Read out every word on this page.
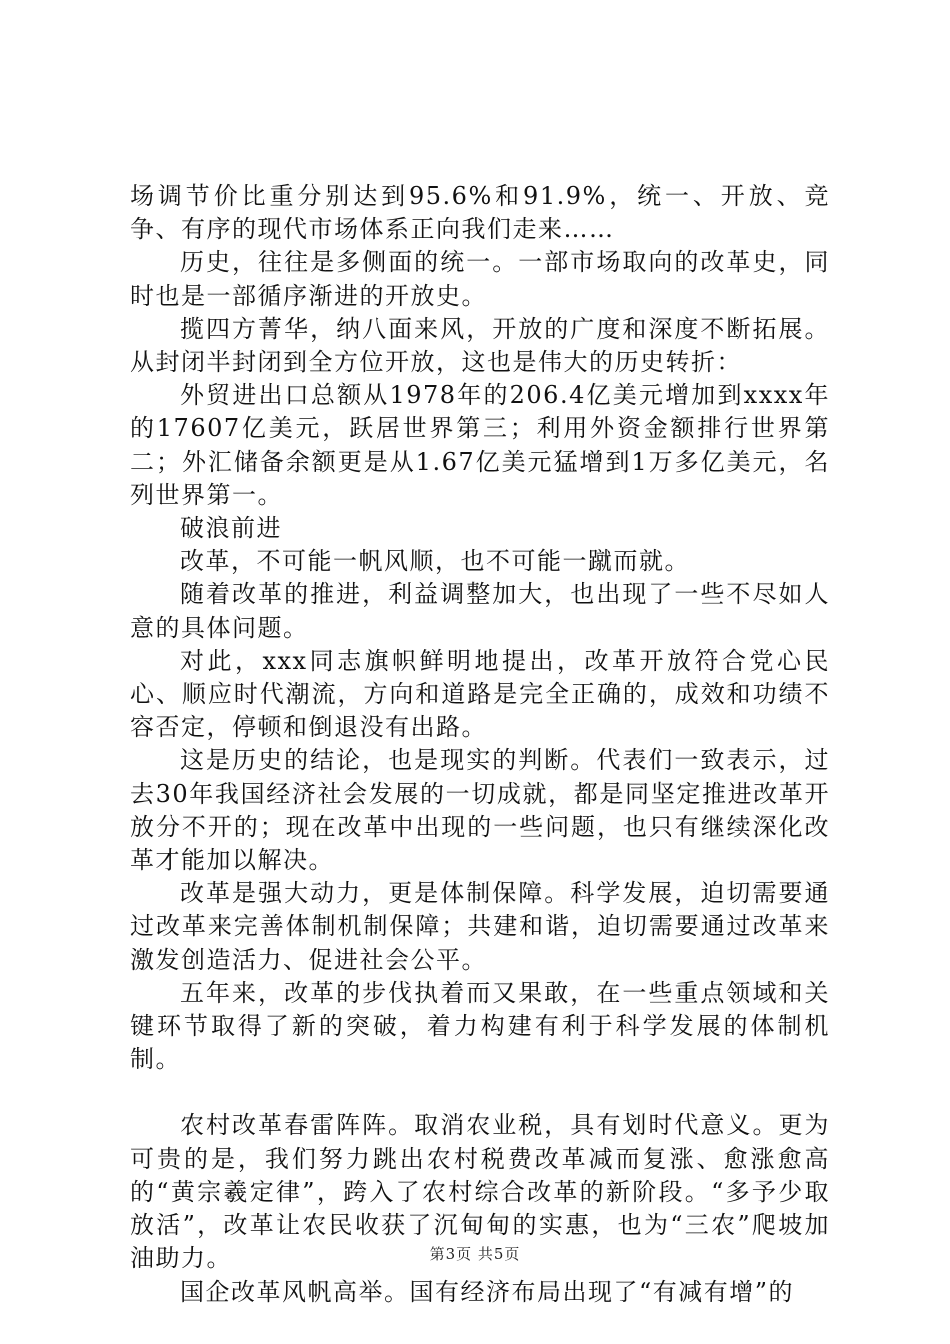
场调节价比重分别达到95.6%和91.9%，统一、开放、竞争、有序的现代市场体系正向我们走来……

历史，往往是多侧面的统一。一部市场取向的改革史，同时也是一部循序渐进的开放史。

揽四方菁华，纳八面来风，开放的广度和深度不断拓展。从封闭半封闭到全方位开放，这也是伟大的历史转折：

外贸进出口总额从1978年的206.4亿美元增加到xxxx年的17607亿美元，跃居世界第三；利用外资金额排行世界第二；外汇储备余额更是从1.67亿美元猛增到1万多亿美元，名列世界第一。

破浪前进

改革，不可能一帆风顺，也不可能一蹴而就。

随着改革的推进，利益调整加大，也出现了一些不尽如人意的具体问题。

对此，xxx同志旗帜鲜明地提出，改革开放符合党心民心、顺应时代潮流，方向和道路是完全正确的，成效和功绩不容否定，停顿和倒退没有出路。

这是历史的结论，也是现实的判断。代表们一致表示，过去30年我国经济社会发展的一切成就，都是同坚定推进改革开放分不开的；现在改革中出现的一些问题，也只有继续深化改革才能加以解决。

改革是强大动力，更是体制保障。科学发展，迫切需要通过改革来完善体制机制保障；共建和谐，迫切需要通过改革来激发创造活力、促进社会公平。

五年来，改革的步伐执着而又果敢，在一些重点领域和关键环节取得了新的突破，着力构建有利于科学发展的体制机制。

农村改革春雷阵阵。取消农业税，具有划时代意义。更为可贵的是，我们努力跳出农村税费改革减而复涨、愈涨愈高的“黄宗羲定律”，跨入了农村综合改革的新阶段。“多予少取放活”，改革让农民收获了沉甸甸的实惠，也为“三农”爬坡加油助力。

国企改革风帆高举。国有经济布局出现了“有减有增”的

第3页 共5页
